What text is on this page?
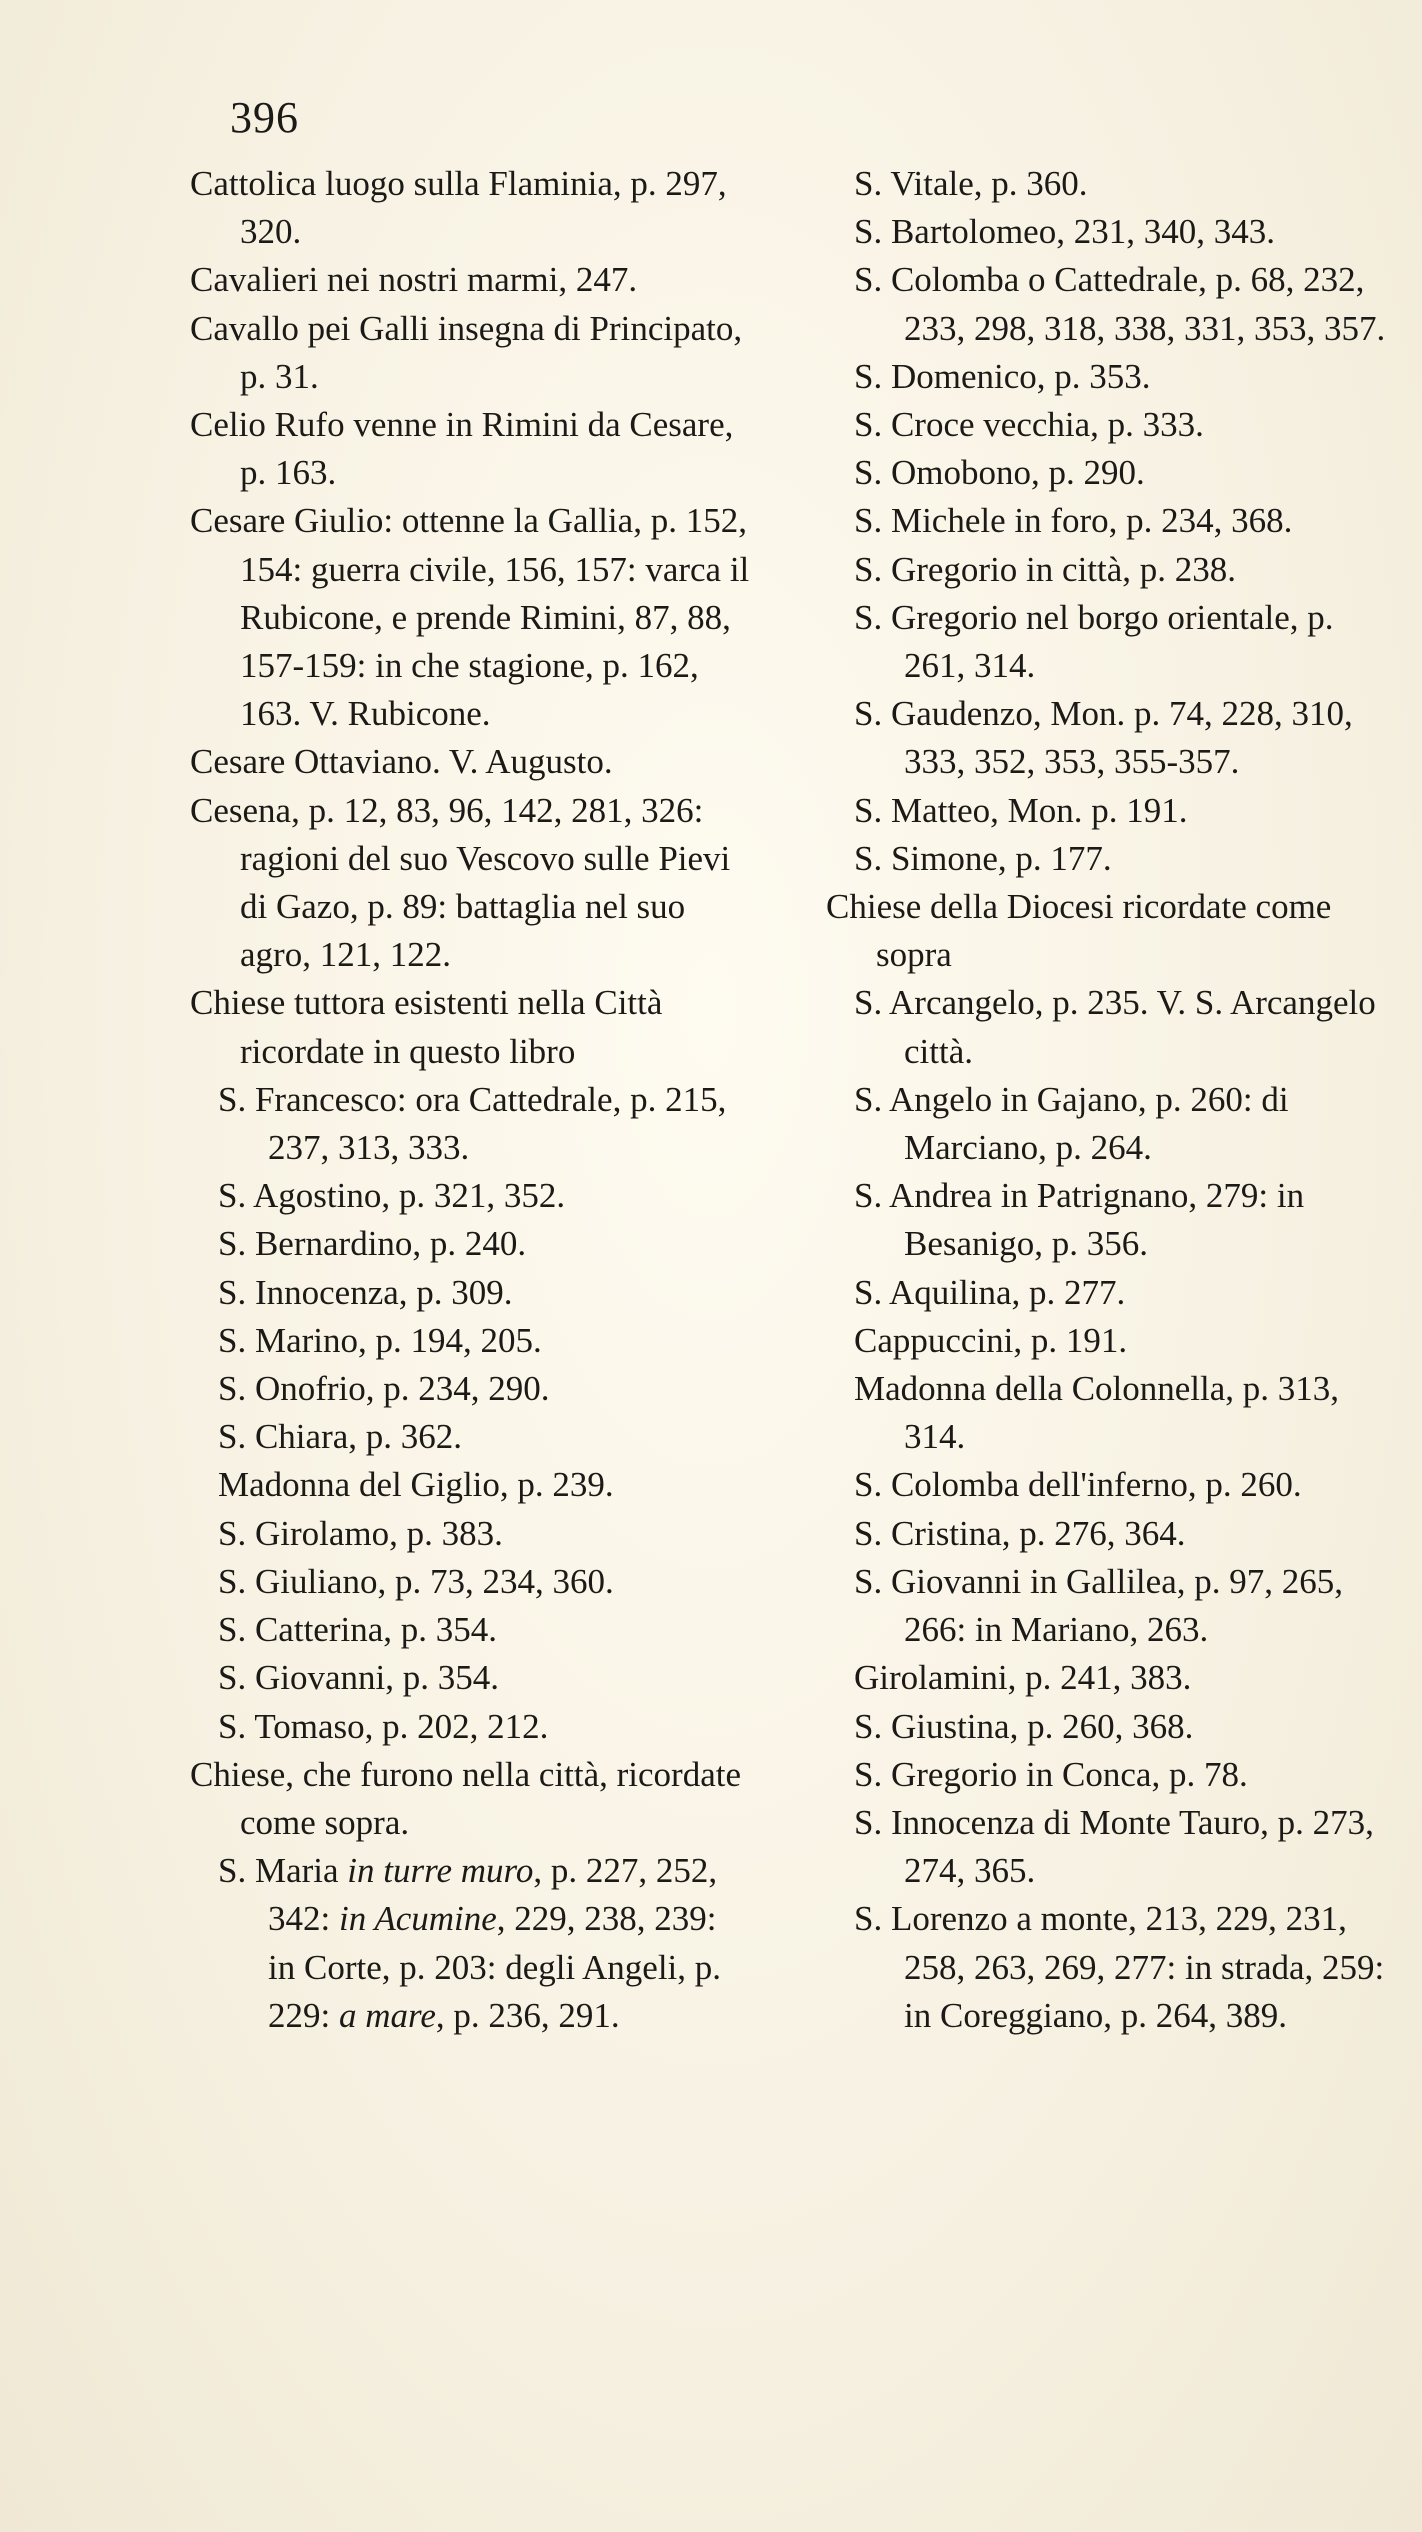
396

Cattolica luogo sulla Flaminia, p. 297, 320.

Cavalieri nei nostri marmi, 247.

Cavallo pei Galli insegna di Principato, p. 31.

Celio Rufo venne in Rimini da Cesare, p. 163.

Cesare Giulio: ottenne la Gallia, p. 152, 154: guerra civile, 156, 157: varca il Rubicone, e prende Rimini, 87, 88, 157-159: in che stagione, p. 162, 163. V. Rubicone.

Cesare Ottaviano. V. Augusto.

Cesena, p. 12, 83, 96, 142, 281, 326: ragioni del suo Vescovo sulle Pievi di Gazo, p. 89: battaglia nel suo agro, 121, 122.

Chiese tuttora esistenti nella Città ricordate in questo libro

S. Francesco: ora Cattedrale, p. 215, 237, 313, 333.

S. Agostino, p. 321, 352.

S. Bernardino, p. 240.

S. Innocenza, p. 309.

S. Marino, p. 194, 205.

S. Onofrio, p. 234, 290.

S. Chiara, p. 362.

Madonna del Giglio, p. 239.

S. Girolamo, p. 383.

S. Giuliano, p. 73, 234, 360.

S. Catterina, p. 354.

S. Giovanni, p. 354.

S. Tomaso, p. 202, 212.

Chiese, che furono nella città, ricordate come sopra.

S. Maria in turre muro, p. 227, 252, 342: in Acumine, 229, 238, 239: in Corte, p. 203: degli Angeli, p. 229: a mare, p. 236, 291.

S. Vitale, p. 360.

S. Bartolomeo, 231, 340, 343.

S. Colomba o Cattedrale, p. 68, 232, 233, 298, 318, 338, 331, 353, 357.

S. Domenico, p. 353.

S. Croce vecchia, p. 333.

S. Omobono, p. 290.

S. Michele in foro, p. 234, 368.

S. Gregorio in città, p. 238.

S. Gregorio nel borgo orientale, p. 261, 314.

S. Gaudenzo, Mon. p. 74, 228, 310, 333, 352, 353, 355-357.

S. Matteo, Mon. p. 191.

S. Simone, p. 177.

Chiese della Diocesi ricordate come sopra

S. Arcangelo, p. 235. V. S. Arcangelo città.

S. Angelo in Gajano, p. 260: di Marciano, p. 264.

S. Andrea in Patrignano, 279: in Besanigo, p. 356.

S. Aquilina, p. 277.

Cappuccini, p. 191.

Madonna della Colonnella, p. 313, 314.

S. Colomba dell'inferno, p. 260.

S. Cristina, p. 276, 364.

S. Giovanni in Gallilea, p. 97, 265, 266: in Mariano, 263.

Girolamini, p. 241, 383.

S. Giustina, p. 260, 368.

S. Gregorio in Conca, p. 78.

S. Innocenza di Monte Tauro, p. 273, 274, 365.

S. Lorenzo a monte, 213, 229, 231, 258, 263, 269, 277: in strada, 259: in Coreggiano, p. 264, 389.
